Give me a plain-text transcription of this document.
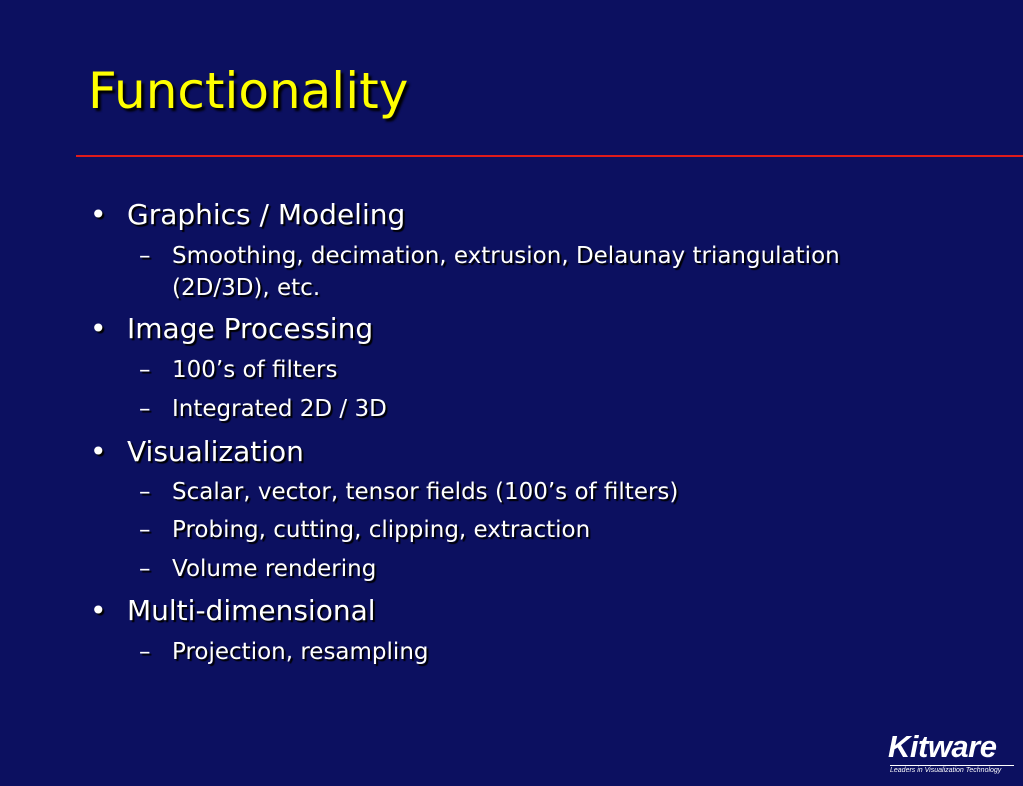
Functionality
• Graphics / Modeling
– Smoothing, decimation, extrusion, Delaunay triangulation
(2D/3D), etc.
• Image Processing
– 100’s of filters
– Integrated 2D / 3D
• Visualization
– Scalar, vector, tensor fields (100’s of filters)
– Probing, cutting, clipping, extraction
– Volume rendering
• Multi-dimensional
– Projection, resampling
Kitware
Leaders in Visualization Technology
